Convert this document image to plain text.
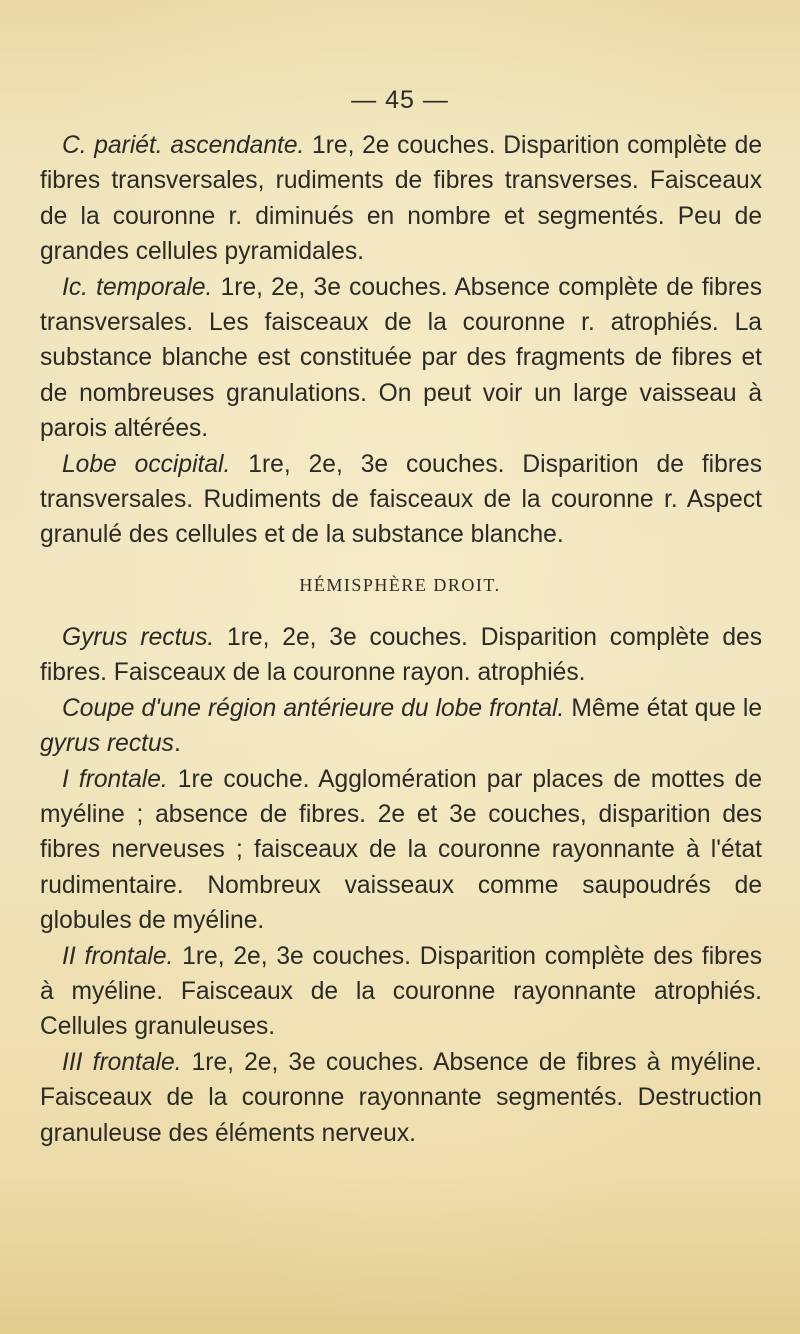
— 45 —

C. pariét. ascendante. 1re, 2e couches. Disparition complète de fibres transversales, rudiments de fibres transverses. Faisceaux de la couronne r. diminués en nombre et segmentés. Peu de grandes cellules pyramidales.

Ic. temporale. 1re, 2e, 3e couches. Absence complète de fibres transversales. Les faisceaux de la couronne r. atrophiés. La substance blanche est constituée par des fragments de fibres et de nombreuses granulations. On peut voir un large vaisseau à parois altérées.

Lobe occipital. 1re, 2e, 3e couches. Disparition de fibres transversales. Rudiments de faisceaux de la couronne r. Aspect granulé des cellules et de la substance blanche.

HÉMISPHÈRE DROIT.

Gyrus rectus. 1re, 2e, 3e couches. Disparition complète des fibres. Faisceaux de la couronne rayon. atrophiés.

Coupe d'une région antérieure du lobe frontal. Même état que le gyrus rectus.

I frontale. 1re couche. Agglomération par places de mottes de myéline ; absence de fibres. 2e et 3e couches, disparition des fibres nerveuses ; faisceaux de la couronne rayonnante à l'état rudimentaire. Nombreux vaisseaux comme saupoudrés de globules de myéline.

II frontale. 1re, 2e, 3e couches. Disparition complète des fibres à myéline. Faisceaux de la couronne rayonnante atrophiés. Cellules granuleuses.

III frontale. 1re, 2e, 3e couches. Absence de fibres à myéline. Faisceaux de la couronne rayonnante segmentés. Destruction granuleuse des éléments nerveux.
